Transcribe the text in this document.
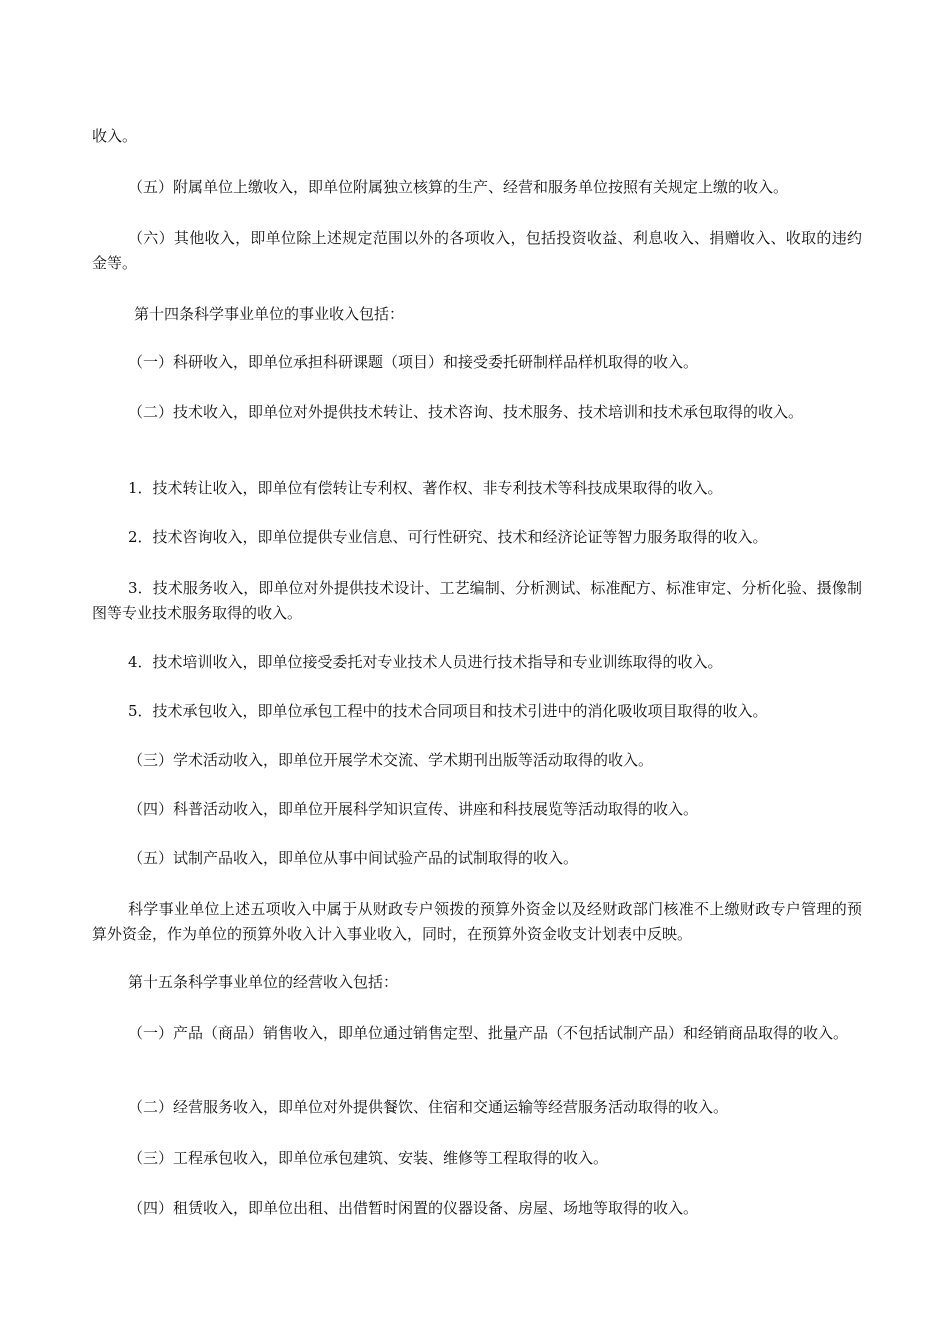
收入。

（五）附属单位上缴收入，即单位附属独立核算的生产、经营和服务单位按照有关规定上缴的收入。

（六）其他收入，即单位除上述规定范围以外的各项收入，包括投资收益、利息收入、捐赠收入、收取的违约金等。

第十四条科学事业单位的事业收入包括：

（一）科研收入，即单位承担科研课题（项目）和接受委托研制样品样机取得的收入。

（二）技术收入，即单位对外提供技术转让、技术咨询、技术服务、技术培训和技术承包取得的收入。

1．技术转让收入，即单位有偿转让专利权、著作权、非专利技术等科技成果取得的收入。

2．技术咨询收入，即单位提供专业信息、可行性研究、技术和经济论证等智力服务取得的收入。

3．技术服务收入，即单位对外提供技术设计、工艺编制、分析测试、标准配方、标准审定、分析化验、摄像制图等专业技术服务取得的收入。

4．技术培训收入，即单位接受委托对专业技术人员进行技术指导和专业训练取得的收入。

5．技术承包收入，即单位承包工程中的技术合同项目和技术引进中的消化吸收项目取得的收入。

（三）学术活动收入，即单位开展学术交流、学术期刊出版等活动取得的收入。

（四）科普活动收入，即单位开展科学知识宣传、讲座和科技展览等活动取得的收入。

（五）试制产品收入，即单位从事中间试验产品的试制取得的收入。

科学事业单位上述五项收入中属于从财政专户领拨的预算外资金以及经财政部门核准不上缴财政专户管理的预算外资金，作为单位的预算外收入计入事业收入，同时，在预算外资金收支计划表中反映。

第十五条科学事业单位的经营收入包括：

（一）产品（商品）销售收入，即单位通过销售定型、批量产品（不包括试制产品）和经销商品取得的收入。

（二）经营服务收入，即单位对外提供餐饮、住宿和交通运输等经营服务活动取得的收入。

（三）工程承包收入，即单位承包建筑、安装、维修等工程取得的收入。

（四）租赁收入，即单位出租、出借暂时闲置的仪器设备、房屋、场地等取得的收入。
